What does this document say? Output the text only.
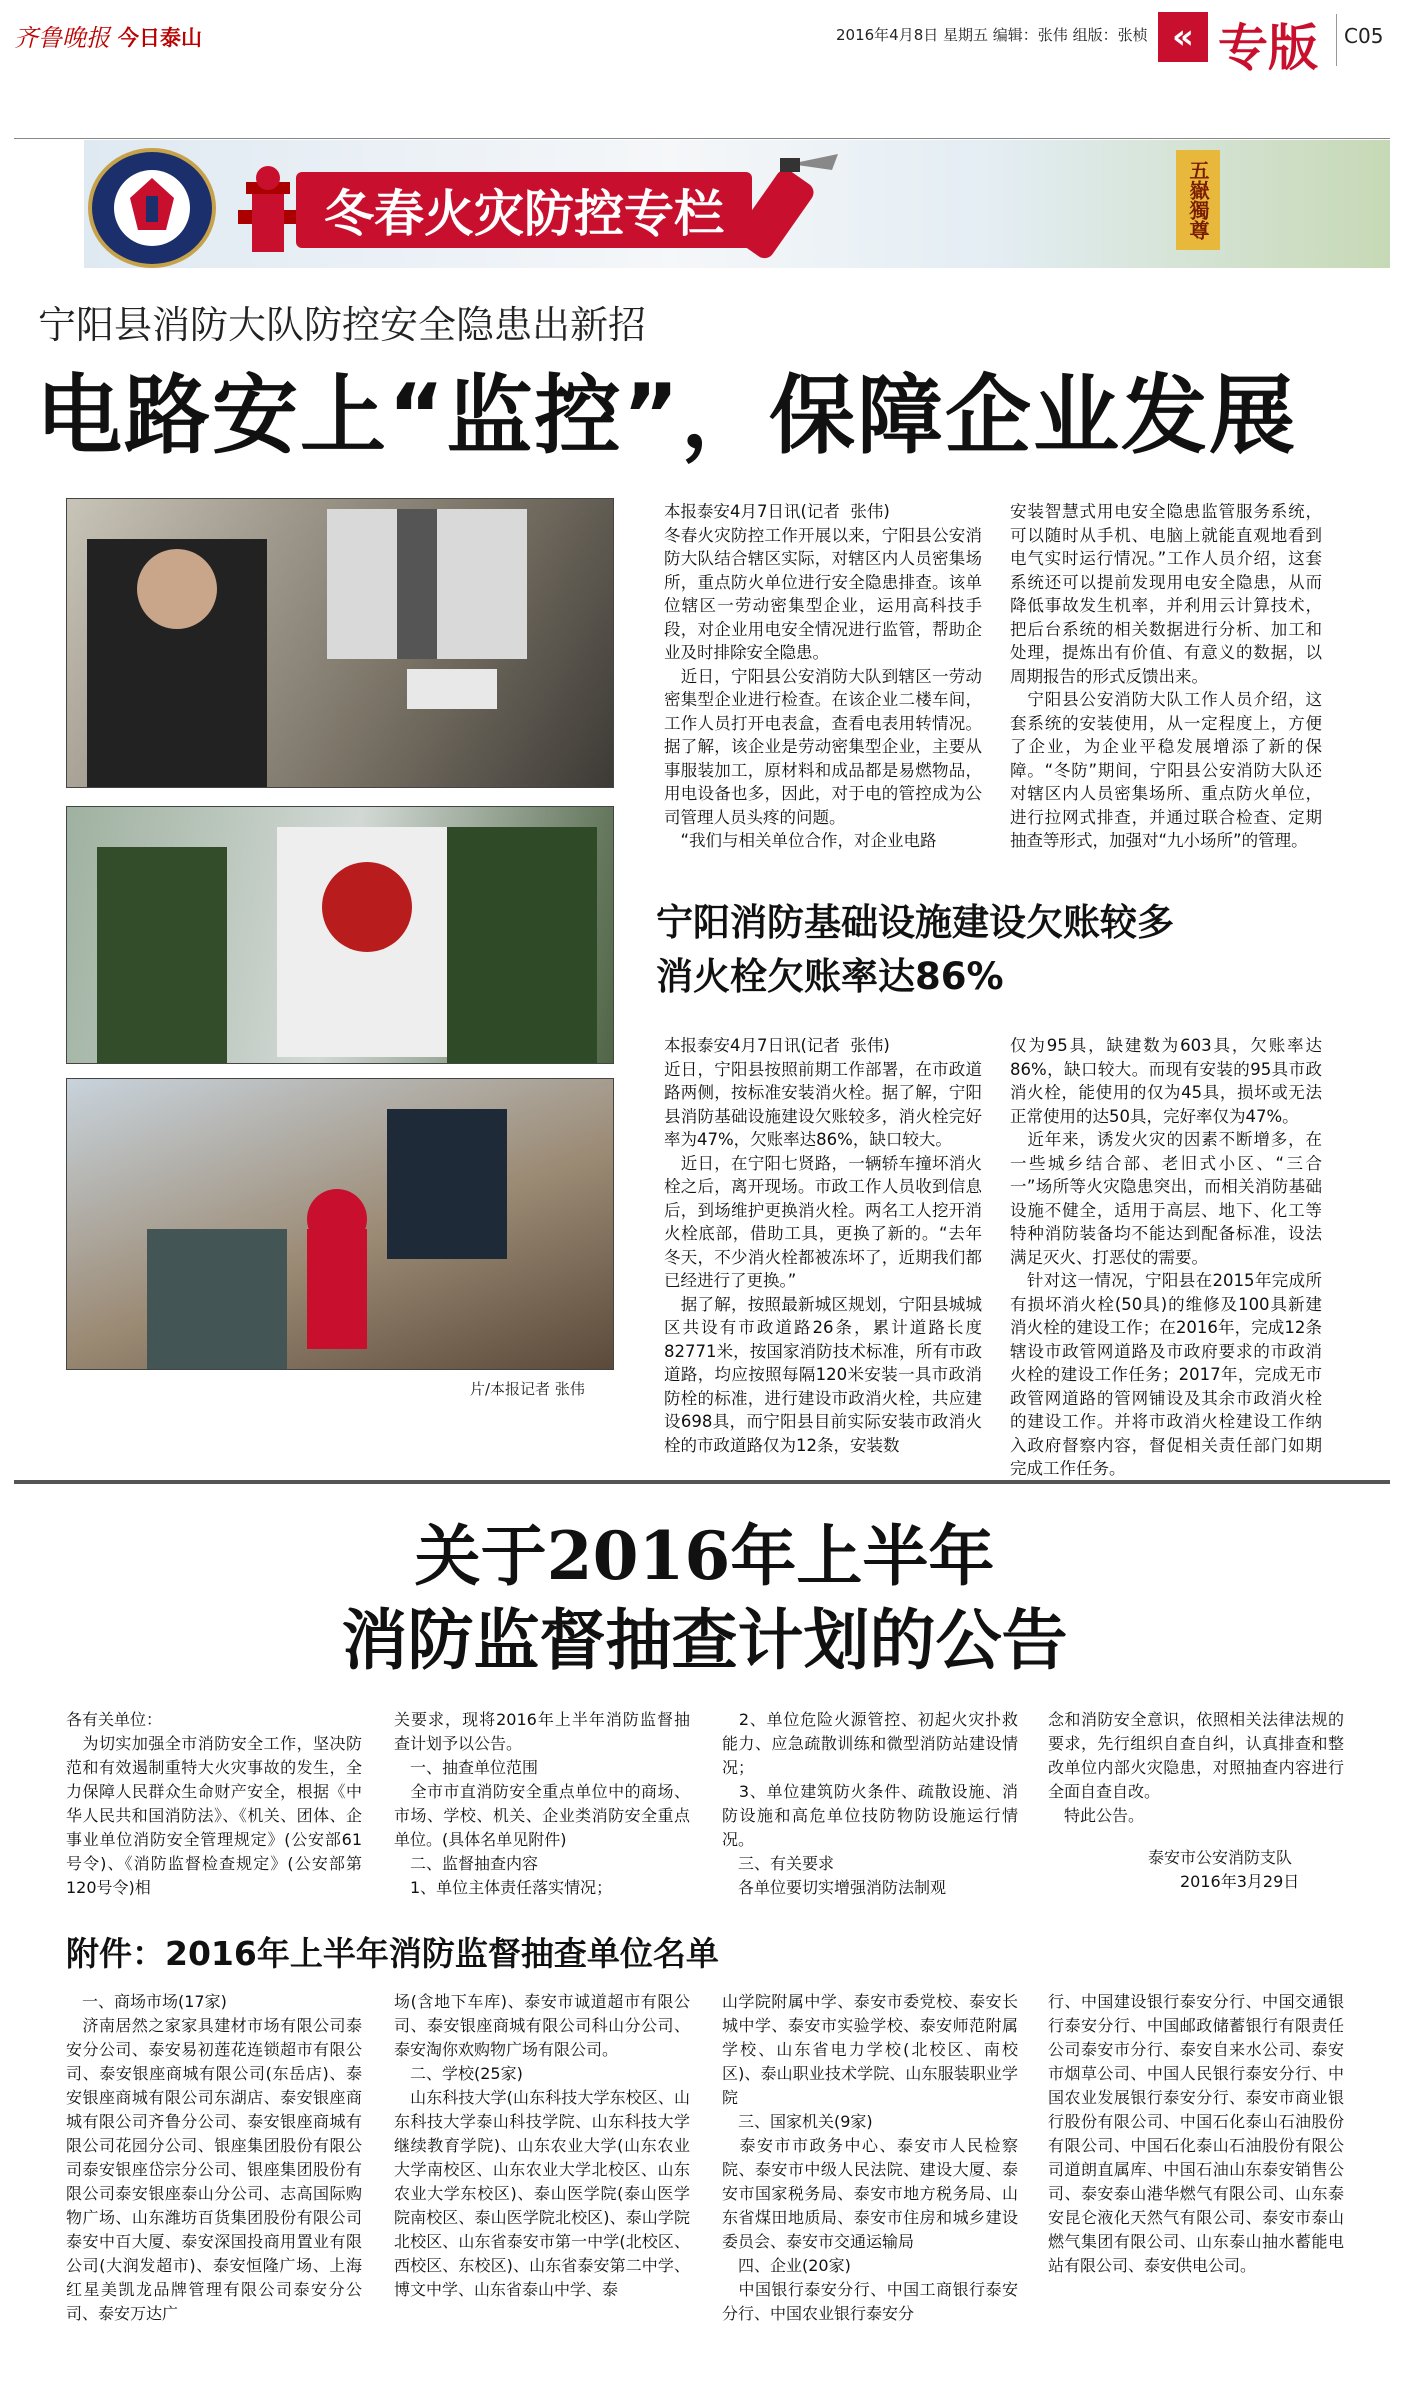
齐鲁晚报 今日泰山	2016年4月8日 星期五 编辑：张伟 组版：张桢 « 专版 C05
冬春火灾防控专栏	五嶽獨尊
宁阳县消防大队防控安全隐患出新招
电路安上“监控”，保障企业发展
片/本报记者 张伟
本报泰安4月7日讯(记者  张伟)
冬春火灾防控工作开展以来，宁阳县公安消防大队结合辖区实际，对辖区内人员密集场所，重点防火单位进行安全隐患排查。该单位辖区一劳动密集型企业，运用高科技手段，对企业用电安全情况进行监管，帮助企业及时排除安全隐患。
　近日，宁阳县公安消防大队到辖区一劳动密集型企业进行检查。在该企业二楼车间，工作人员打开电表盒，查看电表用转情况。据了解，该企业是劳动密集型企业，主要从事服装加工，原材料和成品都是易燃物品，用电设备也多，因此，对于电的管控成为公司管理人员头疼的问题。
　“我们与相关单位合作，对企业电路
安装智慧式用电安全隐患监管服务系统，可以随时从手机、电脑上就能直观地看到电气实时运行情况。”工作人员介绍，这套系统还可以提前发现用电安全隐患，从而降低事故发生机率，并利用云计算技术，把后台系统的相关数据进行分析、加工和处理，提炼出有价值、有意义的数据，以周期报告的形式反馈出来。
　宁阳县公安消防大队工作人员介绍，这套系统的安装使用，从一定程度上，方便了企业，为企业平稳发展增添了新的保障。“冬防”期间，宁阳县公安消防大队还对辖区内人员密集场所、重点防火单位，进行拉网式排查，并通过联合检查、定期抽查等形式，加强对“九小场所”的管理。
宁阳消防基础设施建设欠账较多
消火栓欠账率达86%
本报泰安4月7日讯(记者  张伟)
近日，宁阳县按照前期工作部署，在市政道路两侧，按标准安装消火栓。据了解，宁阳县消防基础设施建设欠账较多，消火栓完好率为47%，欠账率达86%，缺口较大。
　近日，在宁阳七贤路，一辆轿车撞坏消火栓之后，离开现场。市政工作人员收到信息后，到场维护更换消火栓。两名工人挖开消火栓底部，借助工具，更换了新的。“去年冬天，不少消火栓都被冻坏了，近期我们都已经进行了更换。”
　据了解，按照最新城区规划，宁阳县城城区共设有市政道路26条，累计道路长度82771米，按国家消防技术标准，所有市政道路，均应按照每隔120米安装一具市政消防栓的标准，进行建设市政消火栓，共应建设698具，而宁阳县目前实际安装市政消火栓的市政道路仅为12条，安装数
仅为95具，缺建数为603具，欠账率达86%，缺口较大。而现有安装的95具市政消火栓，能使用的仅为45具，损坏或无法正常使用的达50具，完好率仅为47%。
　近年来，诱发火灾的因素不断增多，在一些城乡结合部、老旧式小区、“三合一”场所等火灾隐患突出，而相关消防基础设施不健全，适用于高层、地下、化工等特种消防装备均不能达到配备标准，设法满足灭火、打恶仗的需要。
　针对这一情况，宁阳县在2015年完成所有损坏消火栓(50具)的维修及100具新建消火栓的建设工作；在2016年，完成12条辖设市政管网道路及市政府要求的市政消火栓的建设工作任务；2017年，完成无市政管网道路的管网铺设及其余市政消火栓的建设工作。并将市政消火栓建设工作纳入政府督察内容，督促相关责任部门如期完成工作任务。
关于2016年上半年
消防监督抽查计划的公告
各有关单位：
　为切实加强全市消防安全工作，坚决防范和有效遏制重特大火灾事故的发生，全力保障人民群众生命财产安全，根据《中华人民共和国消防法》、《机关、团体、企事业单位消防安全管理规定》(公安部61号令)、《消防监督检查规定》(公安部第120号令)相
关要求，现将2016年上半年消防监督抽查计划予以公告。
　一、抽查单位范围
　全市市直消防安全重点单位中的商场、市场、学校、机关、企业类消防安全重点单位。(具体名单见附件)
　二、监督抽查内容
　1、单位主体责任落实情况；
　2、单位危险火源管控、初起火灾扑救能力、应急疏散训练和微型消防站建设情况；
　3、单位建筑防火条件、疏散设施、消防设施和高危单位技防物防设施运行情况。
　三、有关要求
　各单位要切实增强消防法制观
念和消防安全意识，依照相关法律法规的要求，先行组织自查自纠，认真排查和整改单位内部火灾隐患，对照抽查内容进行全面自查自改。
　特此公告。
泰安市公安消防支队
2016年3月29日
附件：2016年上半年消防监督抽查单位名单
　一、商场市场(17家)
　济南居然之家家具建材市场有限公司泰安分公司、泰安易初莲花连锁超市有限公司、泰安银座商城有限公司(东岳店)、泰安银座商城有限公司东湖店、泰安银座商城有限公司齐鲁分公司、泰安银座商城有限公司花园分公司、银座集团股份有限公司泰安银座岱宗分公司、银座集团股份有限公司泰安银座泰山分公司、志高国际购物广场、山东潍坊百货集团股份有限公司泰安中百大厦、泰安深国投商用置业有限公司(大润发超市)、泰安恒隆广场、上海红星美凯龙品牌管理有限公司泰安分公司、泰安万达广
场(含地下车库)、泰安市诚道超市有限公司、泰安银座商城有限公司科山分公司、泰安淘你欢购物广场有限公司。
　二、学校(25家)
　山东科技大学(山东科技大学东校区、山东科技大学泰山科技学院、山东科技大学继续教育学院)、山东农业大学(山东农业大学南校区、山东农业大学北校区、山东农业大学东校区)、泰山医学院(泰山医学院南校区、泰山医学院北校区)、泰山学院北校区、山东省泰安市第一中学(北校区、西校区、东校区)、山东省泰安第二中学、博文中学、山东省泰山中学、泰
山学院附属中学、泰安市委党校、泰安长城中学、泰安市实验学校、泰安师范附属学校、山东省电力学校(北校区、南校区)、泰山职业技术学院、山东服装职业学院
　三、国家机关(9家)
　泰安市市政务中心、泰安市人民检察院、泰安市中级人民法院、建设大厦、泰安市国家税务局、泰安市地方税务局、山东省煤田地质局、泰安市住房和城乡建设委员会、泰安市交通运输局
　四、企业(20家)
　中国银行泰安分行、中国工商银行泰安分行、中国农业银行泰安分
行、中国建设银行泰安分行、中国交通银行泰安分行、中国邮政储蓄银行有限责任公司泰安市分行、泰安自来水公司、泰安市烟草公司、中国人民银行泰安分行、中国农业发展银行泰安分行、泰安市商业银行股份有限公司、中国石化泰山石油股份有限公司、中国石化泰山石油股份有限公司道朗直属库、中国石油山东泰安销售公司、泰安泰山港华燃气有限公司、山东泰安昆仑液化天然气有限公司、泰安市泰山燃气集团有限公司、山东泰山抽水蓄能电站有限公司、泰安供电公司。
